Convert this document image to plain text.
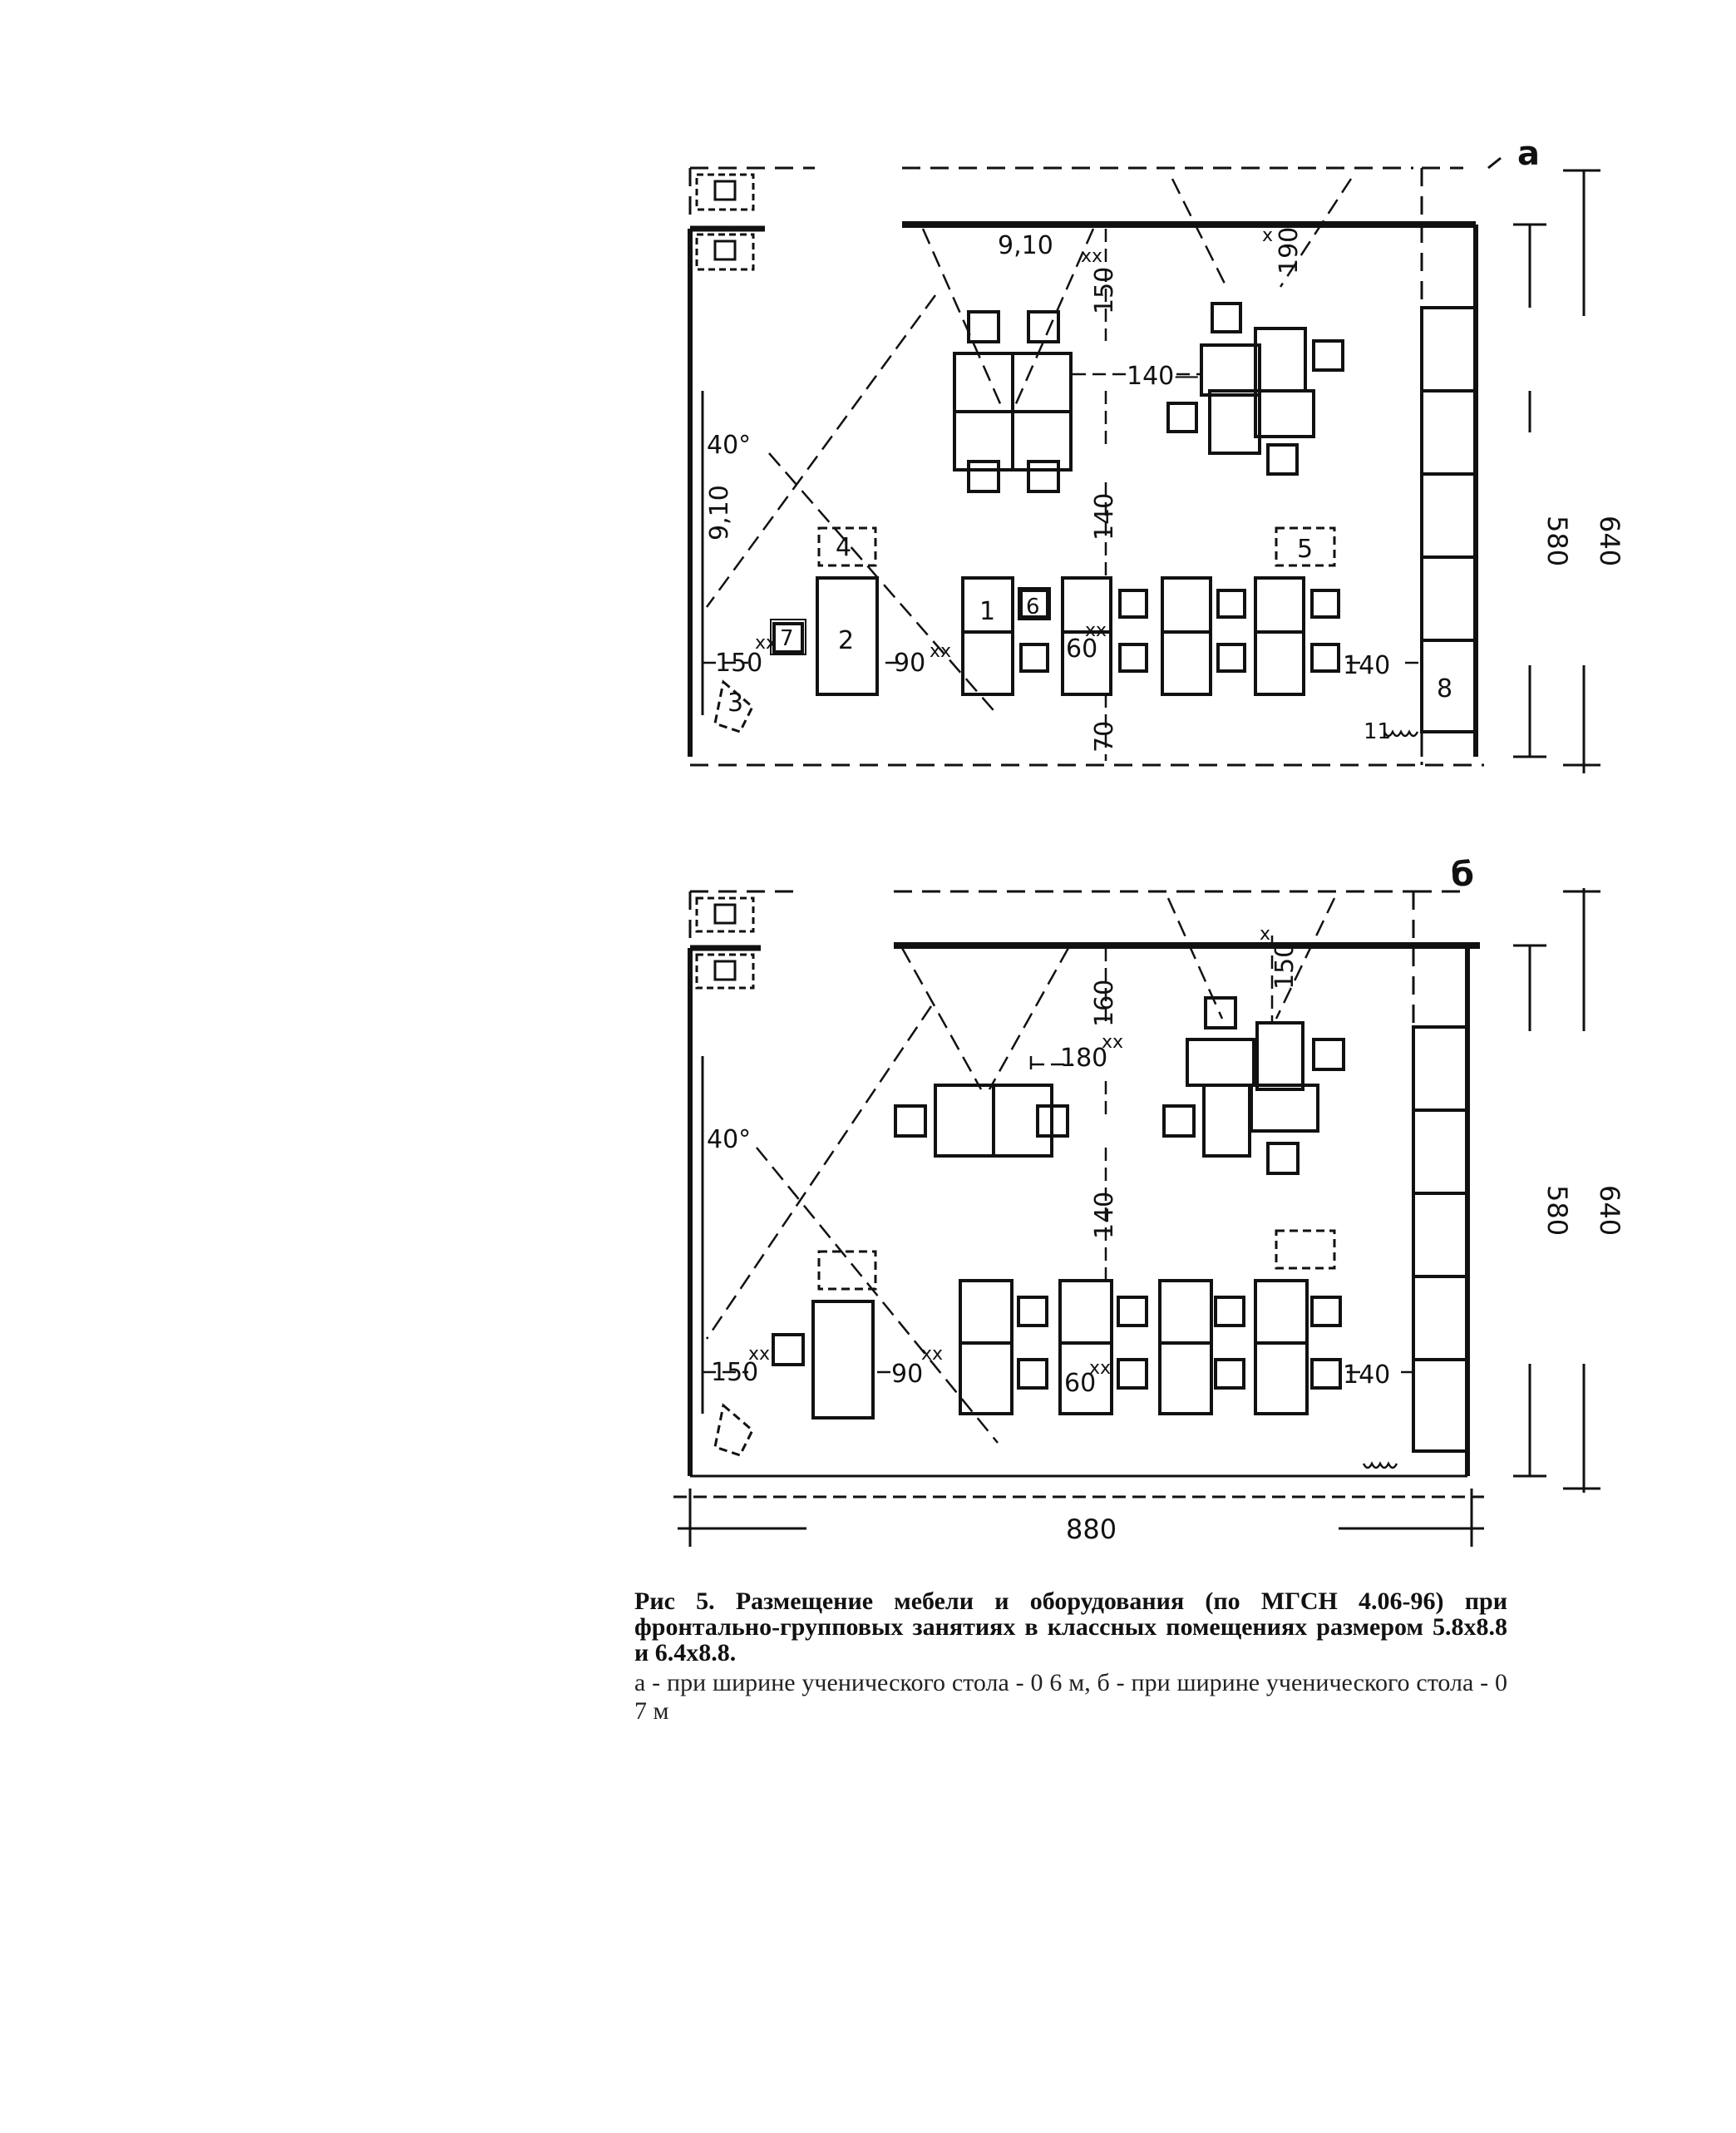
а
9,10
150
xx
x 190
140—
9,10
40°
140
150
xx
90 xx	60
xx
140
70
580 640
1
2
3
4	5
6
7
8
11
б
x
150
160
180
xx
40°
140
150
xx
90
xx
60
xx	140
580 640
880

Рис 5. Размещение мебели и оборудования (по МГСН 4.06-96) при фронтально-групповых занятиях в классных помещениях размером 5.8х8.8 и 6.4х8.8.

а - при ширине ученического стола - 0 6 м, б - при ширине ученического стола - 0 7 м
